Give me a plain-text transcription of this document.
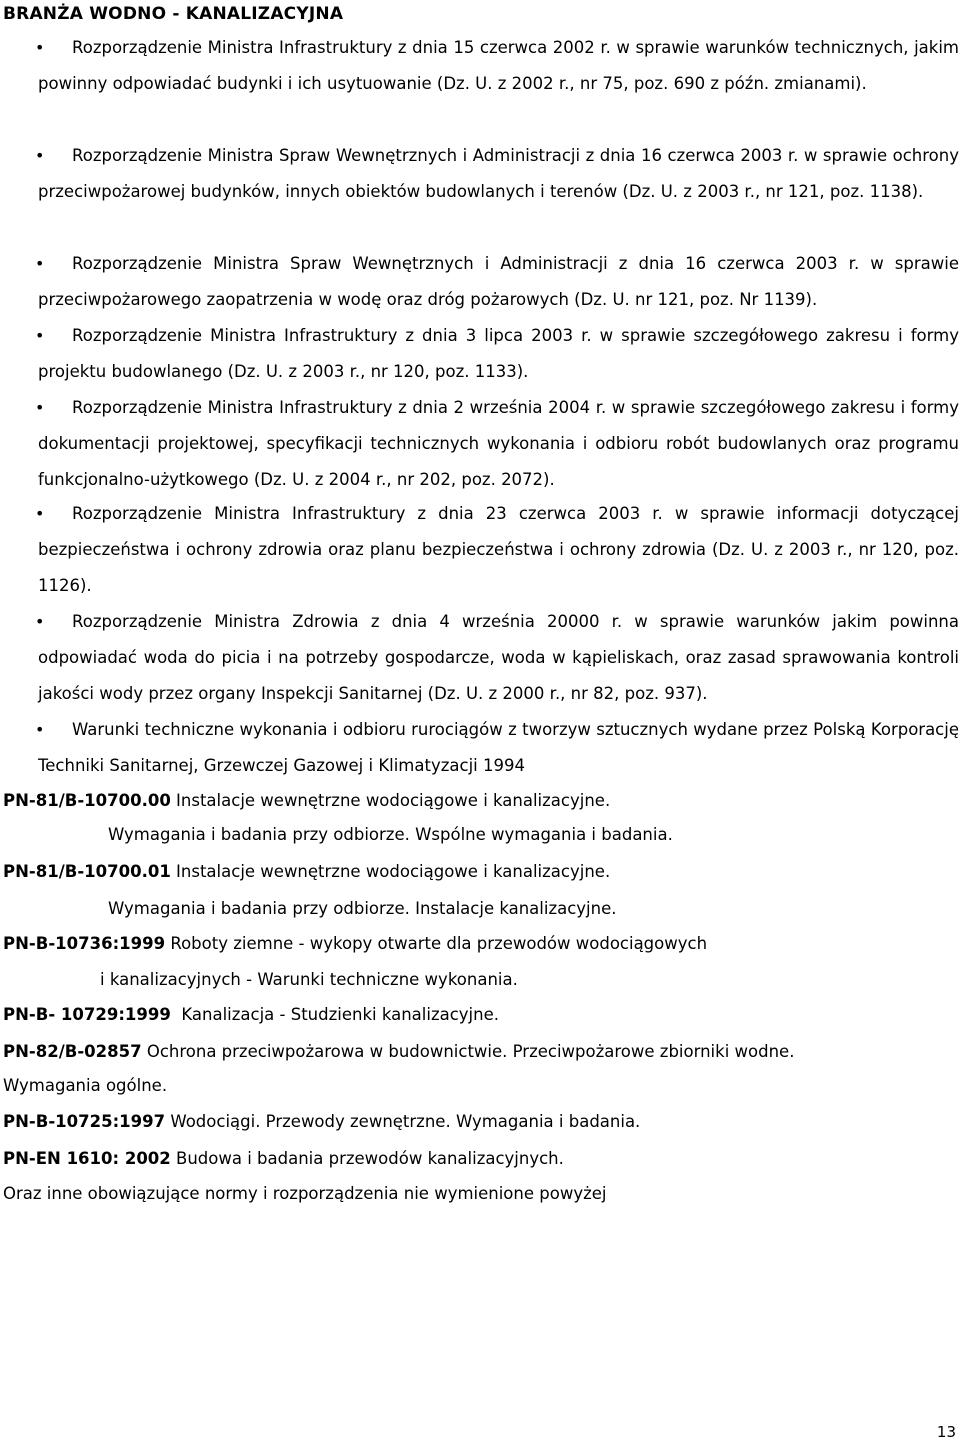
BRANŻA WODNO - KANALIZACYJNA
• Rozporządzenie Ministra Infrastruktury z dnia 15 czerwca 2002 r. w sprawie warunków technicznych, jakim powinny odpowiadać budynki i ich usytuowanie (Dz. U. z 2002 r., nr 75, poz. 690 z późn. zmianami).
• Rozporządzenie Ministra Spraw Wewnętrznych i Administracji z dnia 16 czerwca 2003 r. w sprawie ochrony przeciwpożarowej budynków, innych obiektów budowlanych i terenów (Dz. U. z 2003 r., nr 121, poz. 1138).
• Rozporządzenie Ministra Spraw Wewnętrznych i Administracji z dnia 16 czerwca 2003 r. w sprawie przeciwpożarowego zaopatrzenia w wodę oraz dróg pożarowych (Dz. U. nr 121, poz. Nr 1139).
• Rozporządzenie Ministra Infrastruktury z dnia 3 lipca 2003 r. w sprawie szczegółowego zakresu i formy projektu budowlanego (Dz. U. z 2003 r., nr 120, poz. 1133).
• Rozporządzenie Ministra Infrastruktury z dnia 2 września 2004 r. w sprawie szczegółowego zakresu i formy dokumentacji projektowej, specyfikacji technicznych wykonania i odbioru robót budowlanych oraz programu funkcjonalno-użytkowego (Dz. U. z 2004 r., nr 202, poz. 2072).
• Rozporządzenie Ministra Infrastruktury z dnia 23 czerwca 2003 r. w sprawie informacji dotyczącej bezpieczeństwa i ochrony zdrowia oraz planu bezpieczeństwa i ochrony zdrowia (Dz. U. z 2003 r., nr 120, poz. 1126).
• Rozporządzenie Ministra Zdrowia z dnia 4 września 20000 r. w sprawie warunków jakim powinna odpowiadać woda do picia i na potrzeby gospodarcze, woda w kąpieliskach, oraz zasad sprawowania kontroli jakości wody przez organy Inspekcji Sanitarnej (Dz. U. z 2000 r., nr 82, poz. 937).
• Warunki techniczne wykonania i odbioru rurociągów z tworzyw sztucznych wydane przez Polską Korporację Techniki Sanitarnej, Grzewczej Gazowej i Klimatyzacji 1994
PN-81/B-10700.00 Instalacje wewnętrzne wodociągowe i kanalizacyjne.
Wymagania i badania przy odbiorze. Wspólne wymagania i badania.
PN-81/B-10700.01 Instalacje wewnętrzne wodociągowe i kanalizacyjne.
Wymagania i badania przy odbiorze. Instalacje kanalizacyjne.
PN-B-10736:1999 Roboty ziemne - wykopy otwarte dla przewodów wodociągowych
i kanalizacyjnych - Warunki techniczne wykonania.
PN-B- 10729:1999 Kanalizacja - Studzienki kanalizacyjne.
PN-82/B-02857 Ochrona przeciwpożarowa w budownictwie. Przeciwpożarowe zbiorniki wodne.
Wymagania ogólne.
PN-B-10725:1997 Wodociągi. Przewody zewnętrzne. Wymagania i badania.
PN-EN 1610: 2002 Budowa i badania przewodów kanalizacyjnych.
Oraz inne obowiązujące normy i rozporządzenia nie wymienione powyżej
13
